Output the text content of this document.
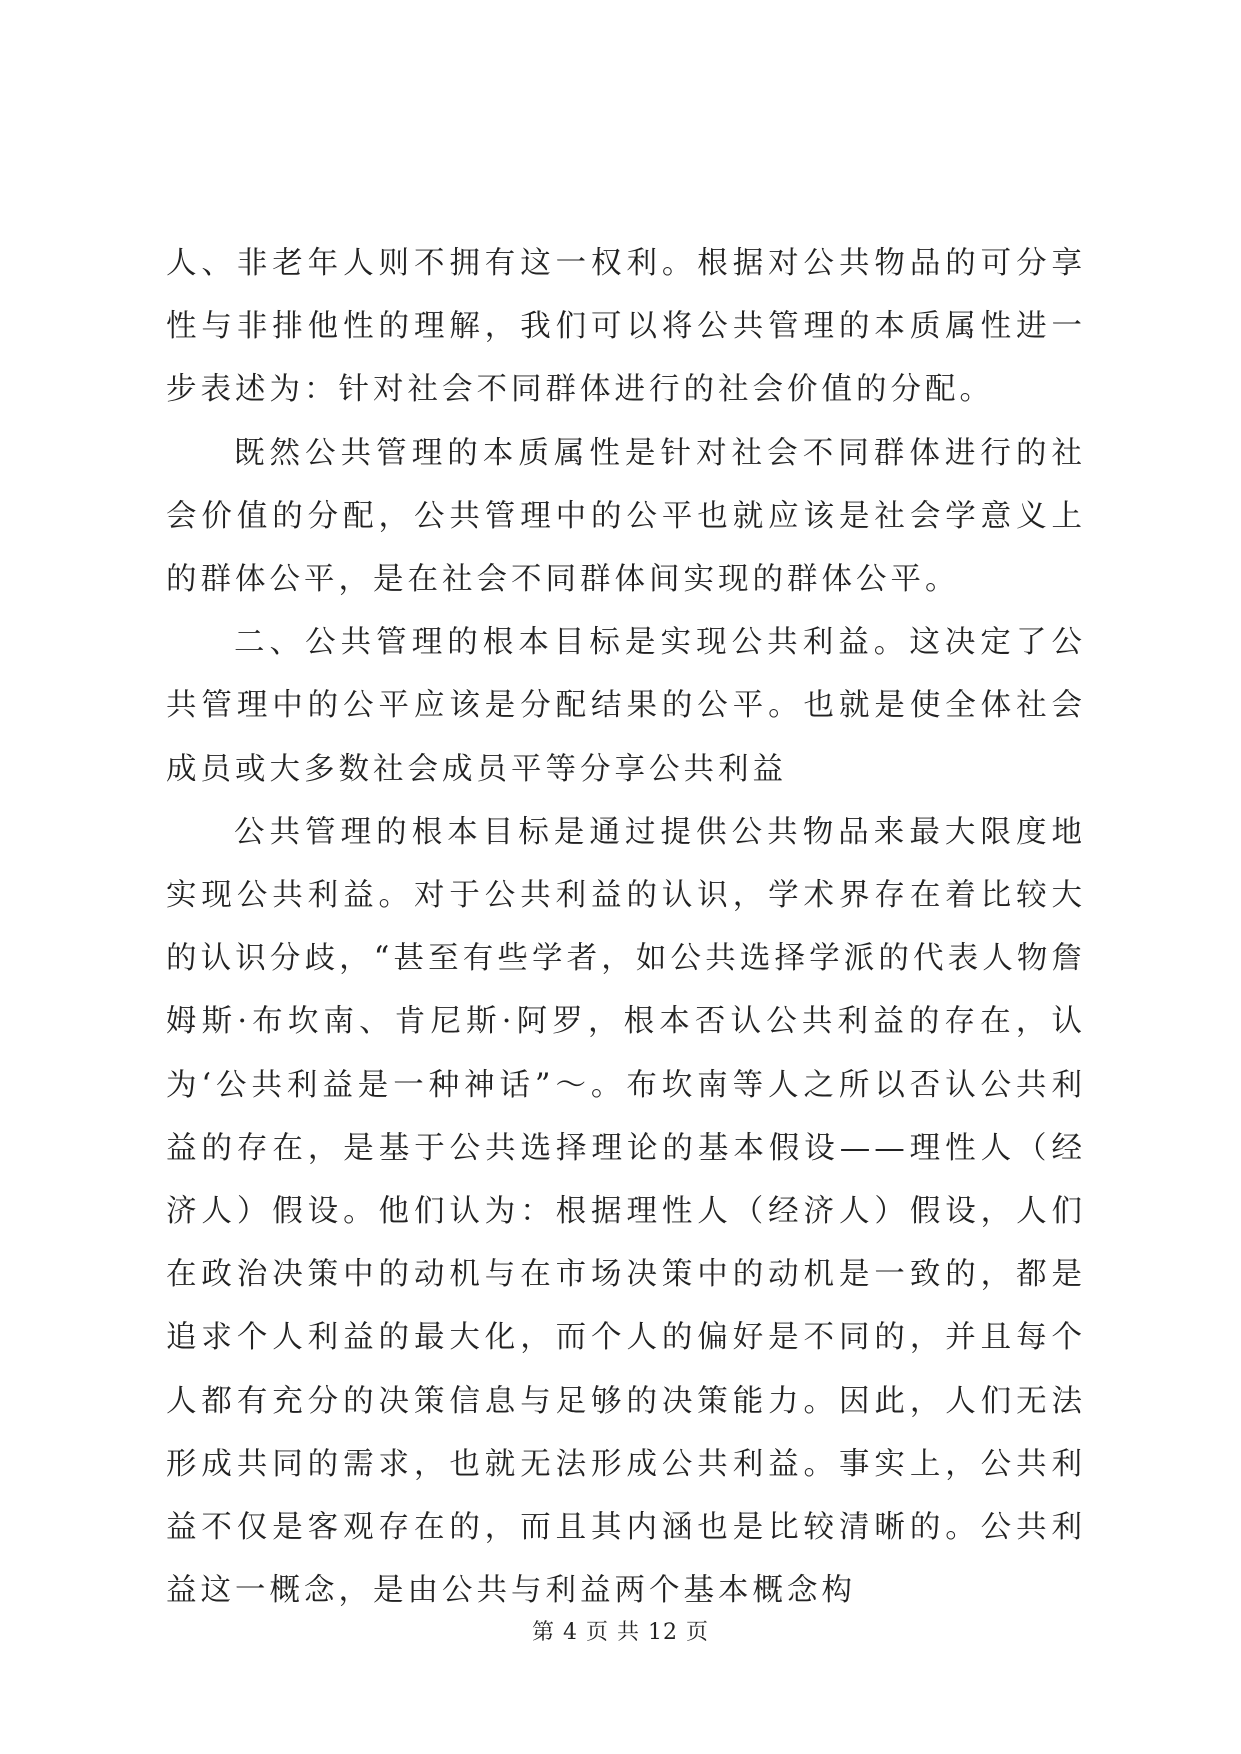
人、非老年人则不拥有这一权利。根据对公共物品的可分享性与非排他性的理解，我们可以将公共管理的本质属性进一步表述为：针对社会不同群体进行的社会价值的分配。

既然公共管理的本质属性是针对社会不同群体进行的社会价值的分配，公共管理中的公平也就应该是社会学意义上的群体公平，是在社会不同群体间实现的群体公平。

二、公共管理的根本目标是实现公共利益。这决定了公共管理中的公平应该是分配结果的公平。也就是使全体社会成员或大多数社会成员平等分享公共利益

公共管理的根本目标是通过提供公共物品来最大限度地实现公共利益。对于公共利益的认识，学术界存在着比较大的认识分歧，“甚至有些学者，如公共选择学派的代表人物詹姆斯·布坎南、肯尼斯·阿罗，根本否认公共利益的存在，认为‘公共利益是一种神话”～。布坎南等人之所以否认公共利益的存在，是基于公共选择理论的基本假设——理性人（经济人）假设。他们认为：根据理性人（经济人）假设，人们在政治决策中的动机与在市场决策中的动机是一致的，都是追求个人利益的最大化，而个人的偏好是不同的，并且每个人都有充分的决策信息与足够的决策能力。因此，人们无法形成共同的需求，也就无法形成公共利益。事实上，公共利益不仅是客观存在的，而且其内涵也是比较清晰的。公共利益这一概念，是由公共与利益两个基本概念构

第 4 页 共 12 页
